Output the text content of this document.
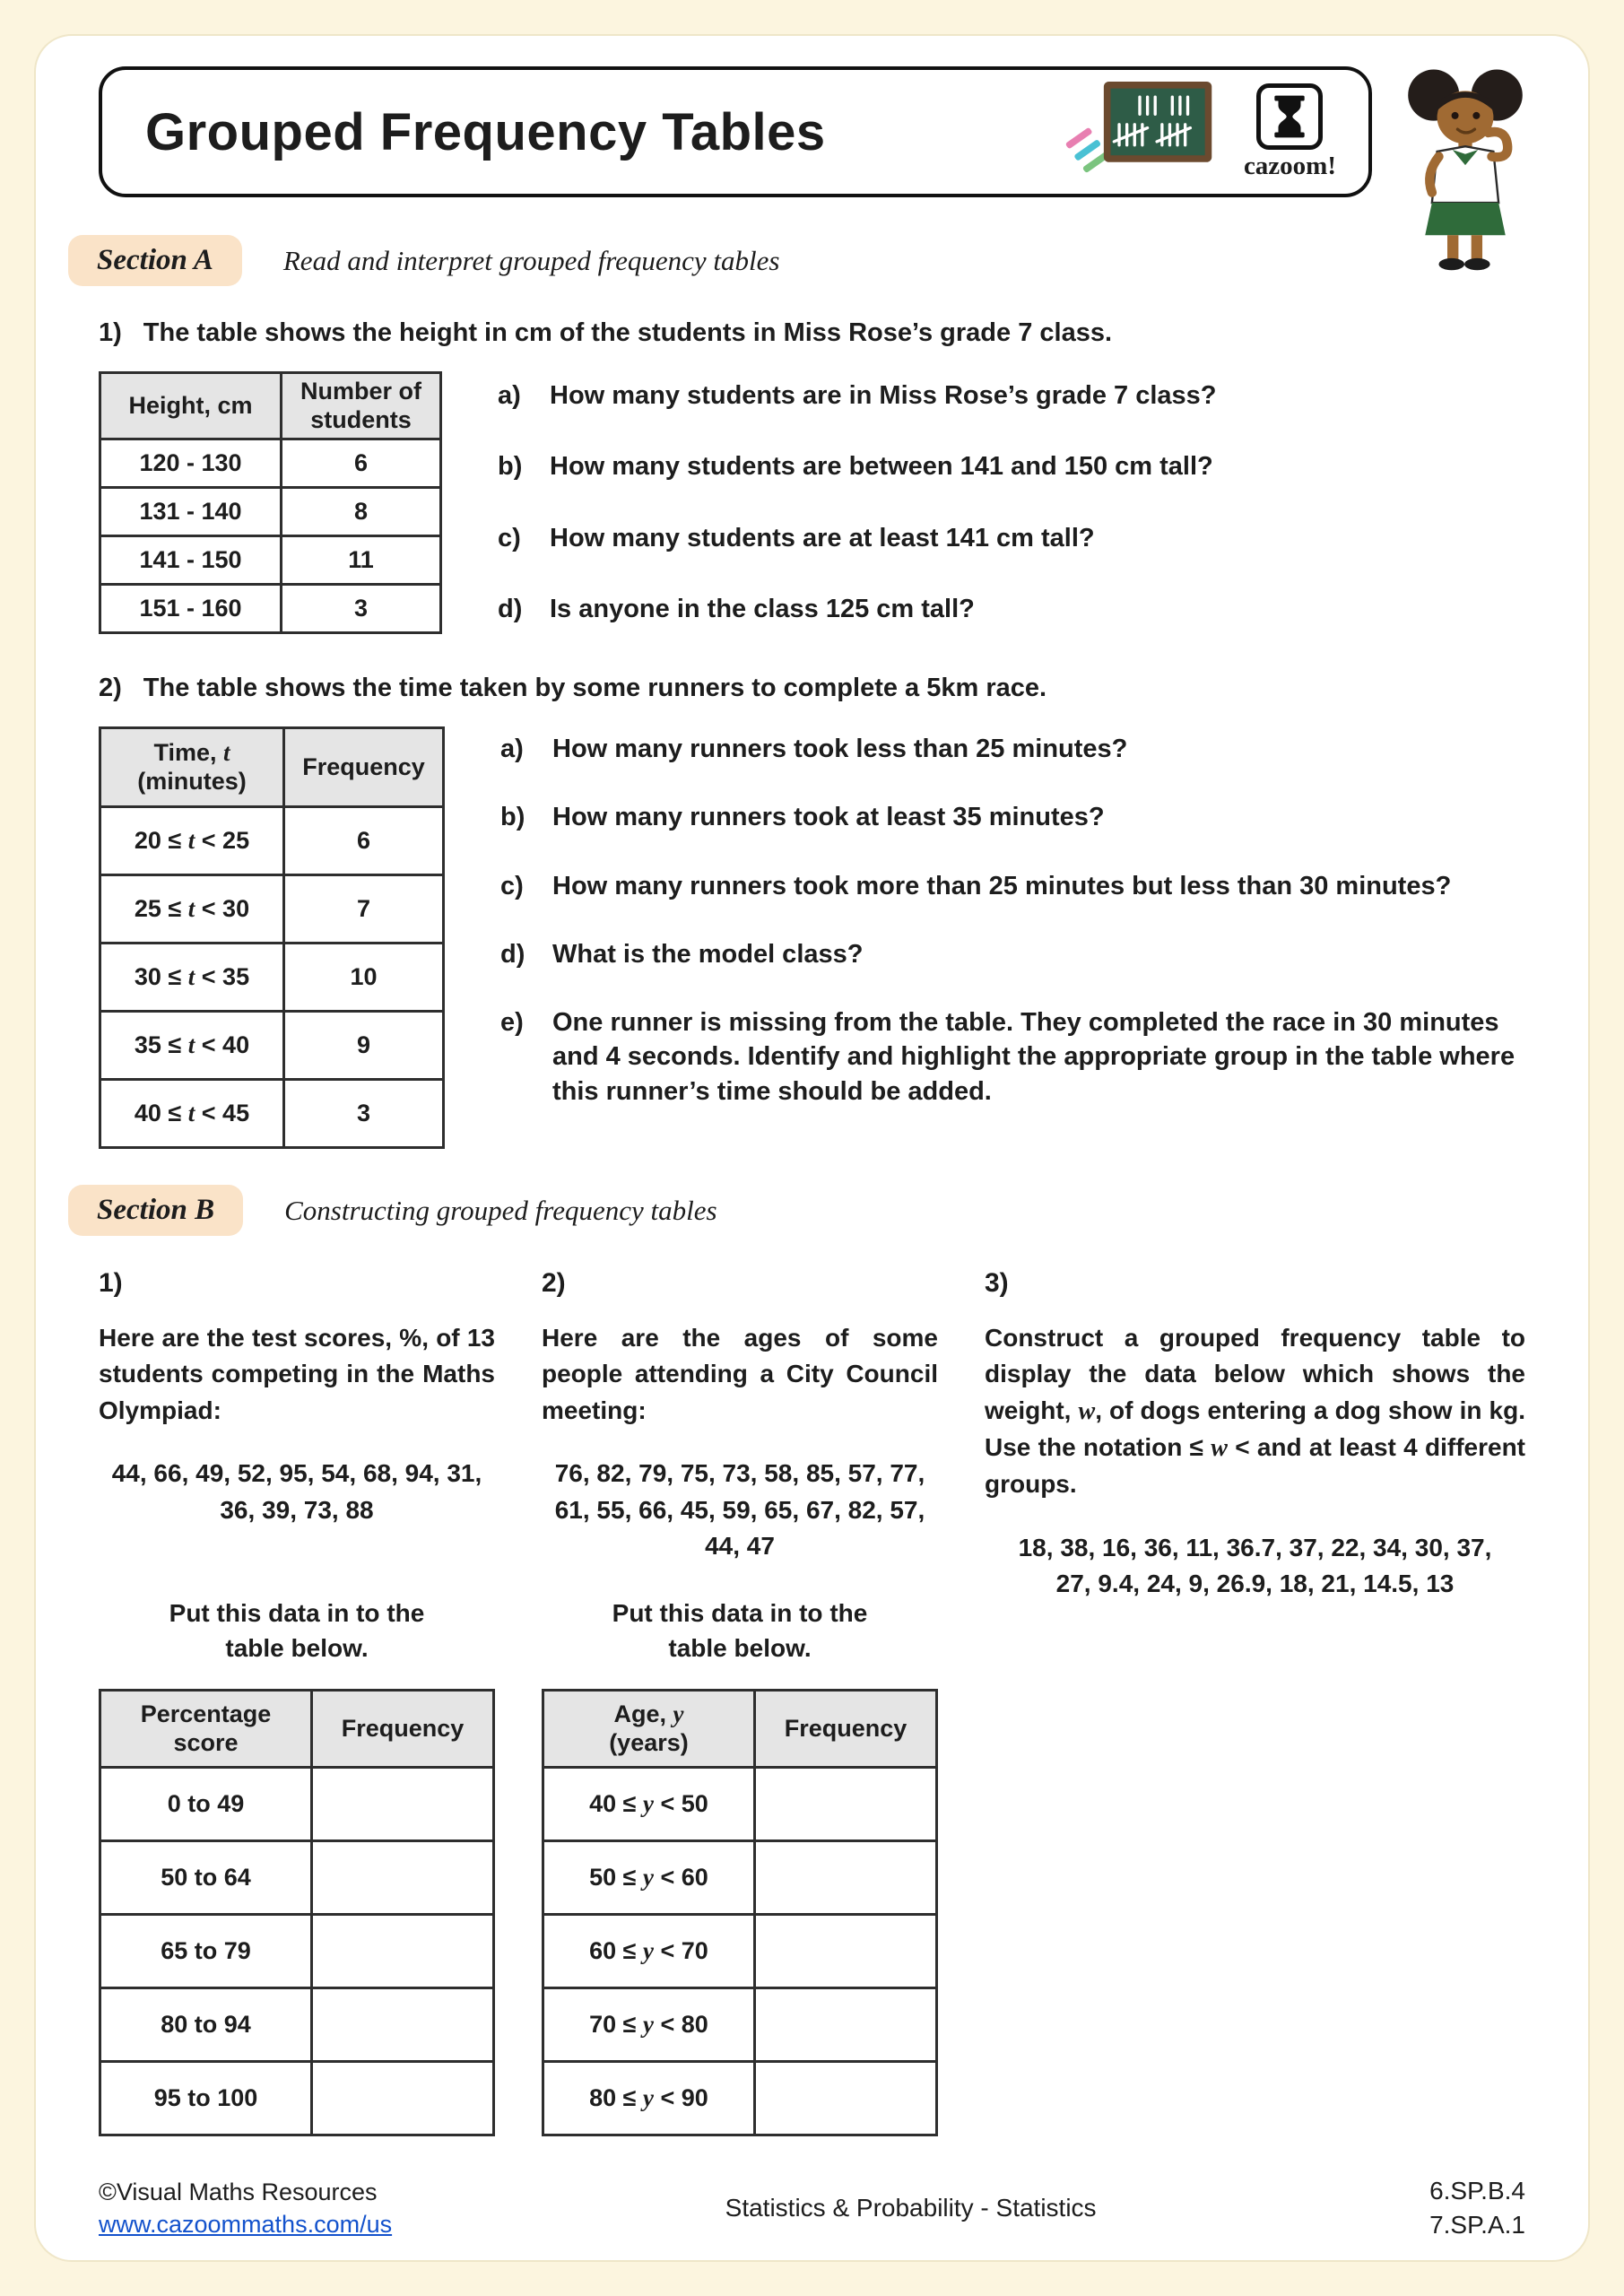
Grouped Frequency Tables
cazoom!
Section A	Read and interpret grouped frequency tables

1) The table shows the height in cm of the students in Miss Rose’s grade 7 class.

Height, cm	Number of students
120 - 130	6
131 - 140	8
141 - 150	11
151 - 160	3
a)	How many students are in Miss Rose’s grade 7 class?
b)	How many students are between 141 and 150 cm tall?
c)	How many students are at least 141 cm tall?
d)	Is anyone in the class 125 cm tall?

2) The table shows the time taken by some runners to complete a 5km race.

Time, t
(minutes)	Frequency
20 ≤ t < 25	6
25 ≤ t < 30	7
30 ≤ t < 35	10
35 ≤ t < 40	9
40 ≤ t < 45	3
a)	How many runners took less than 25 minutes?
b)	How many runners took at least 35 minutes?
c)	How many runners took more than 25 minutes but less than 30 minutes?
d)	What is the model class?
e)	One runner is missing from the table. They completed the race in 30 minutes and 4 seconds. Identify and highlight the appropriate group in the table where this runner’s time should be added.
Section B	Constructing grouped frequency tables

1)

Here are the test scores, %, of 13 students competing in the Maths Olympiad:

44, 66, 49, 52, 95, 54, 68, 94, 31, 36, 39, 73, 88

Put this data in to the table below.

Percentage score	Frequency
0 to 49	
50 to 64	
65 to 79	
80 to 94	
95 to 100	

2)

Here are the ages of some people attending a City Council meeting:

76, 82, 79, 75, 73, 58, 85, 57, 77, 61, 55, 66, 45, 59, 65, 67, 82, 57, 44, 47

Put this data in to the table below.

Age, y
(years)	Frequency
40 ≤ y < 50	
50 ≤ y < 60	
60 ≤ y < 70	
70 ≤ y < 80	
80 ≤ y < 90	

3)

Construct a grouped frequency table to display the data below which shows the weight, w, of dogs entering a dog show in kg. Use the notation ≤ w < and at least 4 different groups.

18, 38, 16, 36, 11, 36.7, 37, 22, 34, 30, 37, 27, 9.4, 24, 9, 26.9, 18, 21, 14.5, 13

©Visual Maths Resources
www.cazoommaths.com/us
Statistics & Probability - Statistics
6.SP.B.4
7.SP.A.1
